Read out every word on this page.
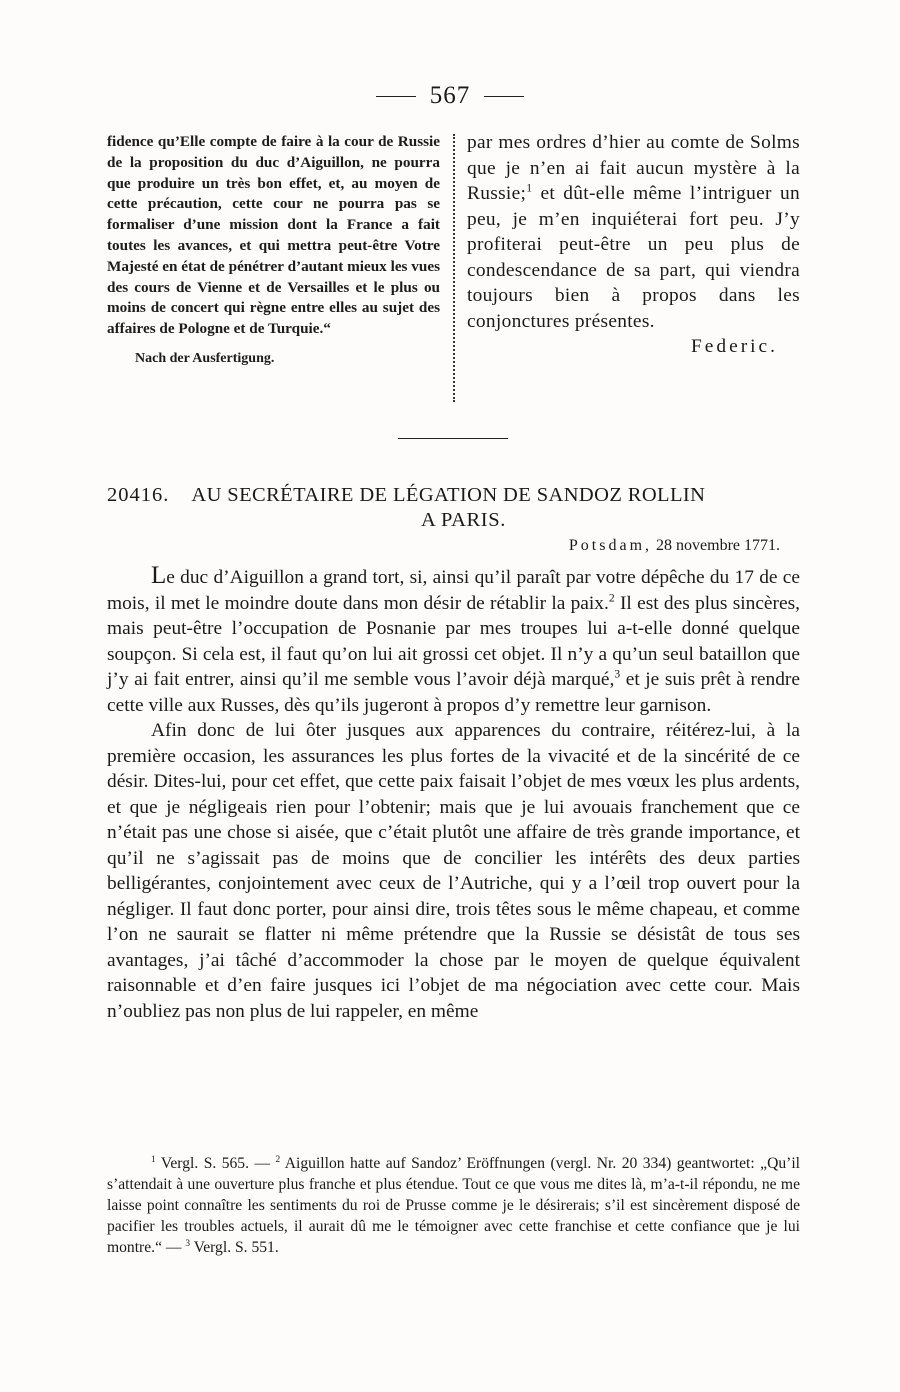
567
fidence qu’Elle compte de faire à la cour de Russie de la proposition du duc d’Aiguillon, ne pourra que produire un très bon effet, et, au moyen de cette précaution, cette cour ne pourra pas se formaliser d’une mission dont la France a fait toutes les avances, et qui mettra peut-être Votre Majesté en état de pénétrer d’autant mieux les vues des cours de Vienne et de Versailles et le plus ou moins de concert qui règne entre elles au sujet des affaires de Pologne et de Turquie.“
Nach der Ausfertigung.
par mes ordres d’hier au comte de Solms que je n’en ai fait aucun mystère à la Russie;$^1$ et dût-elle même l’intriguer un peu, je m’en inquiéterai fort peu. J’y profiterai peut-être un peu plus de condescendance de sa part, qui viendra toujours bien à propos dans les conjonctures présentes.
Federic.
20416. AU SECRÉTAIRE DE LÉGATION DE SANDOZ ROLLIN
A PARIS.
Potsdam, 28 novembre 1771.

Le duc d’Aiguillon a grand tort, si, ainsi qu’il paraît par votre dépêche du 17 de ce mois, il met le moindre doute dans mon désir de rétablir la paix.$^2$ Il est des plus sincères, mais peut-être l’occupation de Posnanie par mes troupes lui a-t-elle donné quelque soupçon. Si cela est, il faut qu’on lui ait grossi cet objet. Il n’y a qu’un seul bataillon que j’y ai fait entrer, ainsi qu’il me semble vous l’avoir déjà marqué,$^3$ et je suis prêt à rendre cette ville aux Russes, dès qu’ils jugeront à propos d’y remettre leur garnison.

Afin donc de lui ôter jusques aux apparences du contraire, réitérez-lui, à la première occasion, les assurances les plus fortes de la vivacité et de la sincérité de ce désir. Dites-lui, pour cet effet, que cette paix faisait l’objet de mes vœux les plus ardents, et que je négligeais rien pour l’obtenir; mais que je lui avouais franchement que ce n’était pas une chose si aisée, que c’était plutôt une affaire de très grande importance, et qu’il ne s’agissait pas de moins que de concilier les intérêts des deux parties belligérantes, conjointement avec ceux de l’Autriche, qui y a l’œil trop ouvert pour la négliger. Il faut donc porter, pour ainsi dire, trois têtes sous le même chapeau, et comme l’on ne saurait se flatter ni même prétendre que la Russie se désistât de tous ses avantages, j’ai tâché d’accommoder la chose par le moyen de quelque équivalent raisonnable et d’en faire jusques ici l’objet de ma négociation avec cette cour. Mais n’oubliez pas non plus de lui rappeler, en même

$^1$ Vergl. S. 565. — $^2$ Aiguillon hatte auf Sandoz’ Eröffnungen (vergl. Nr. 20 334) geantwortet: „Qu’il s’attendait à une ouverture plus franche et plus étendue. Tout ce que vous me dites là, m’a-t-il répondu, ne me laisse point connaître les sentiments du roi de Prusse comme je le désirerais; s’il est sincèrement disposé de pacifier les troubles actuels, il aurait dû me le témoigner avec cette franchise et cette confiance que je lui montre.“ — $^3$ Vergl. S. 551.
